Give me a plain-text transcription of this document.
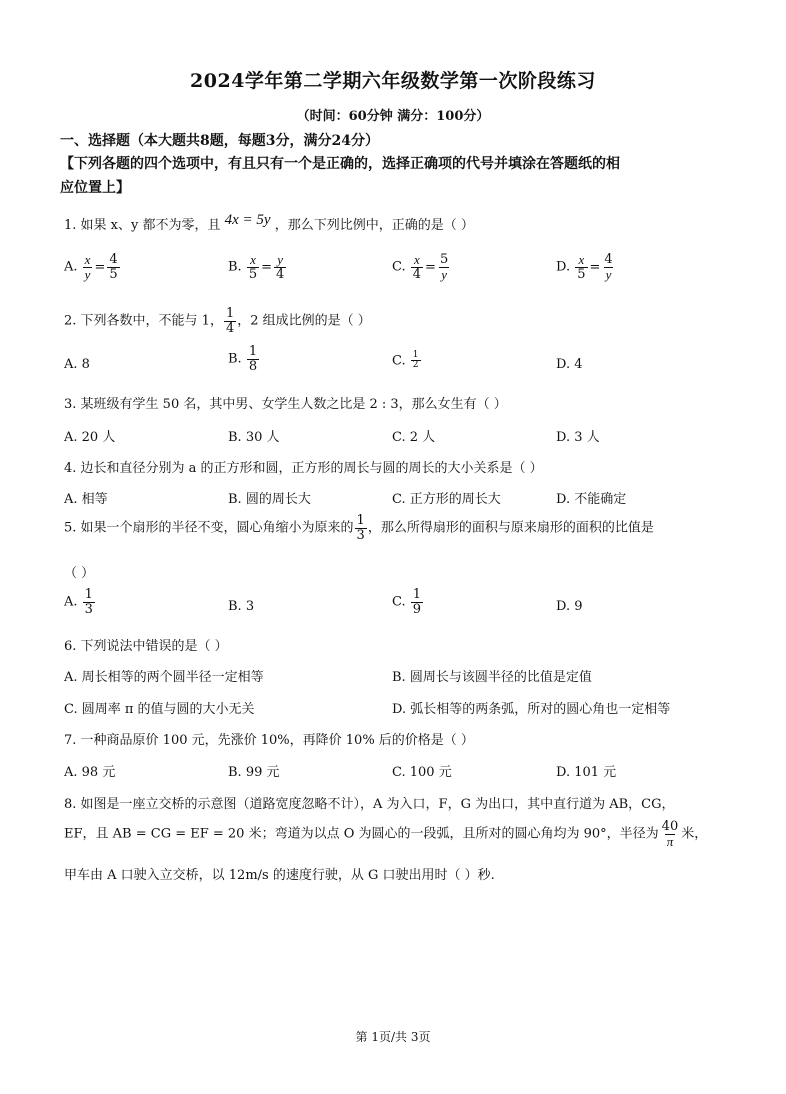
2024学年第二学期六年级数学第一次阶段练习
（时间：60分钟 满分：100分）
一、选择题（本大题共8题，每题3分，满分24分）
【下列各题的四个选项中，有且只有一个是正确的，选择正确项的代号并填涂在答题纸的相
应位置上】
1. 如果 x、y 都不为零，且 4x = 5y ，那么下列比例中，正确的是（ ）
A. $\frac{x}{y} = \frac{4}{5}$	B. $\frac{x}{5} = \frac{y}{4}$	C. $\frac{x}{4} = \frac{5}{y}$	D. $\frac{x}{5} = \frac{4}{y}$
2. 下列各数中，不能与 1， $\frac{1}{4}$ ，2 组成比例的是（ ）
A. 8	B. $\frac{1}{8}$	C. $\frac{1}{2}$	D. 4
3. 某班级有学生 50 名，其中男、女学生人数之比是 2 : 3，那么女生有（ ）
A. 20 人	B. 30 人	C. 2 人	D. 3 人
4. 边长和直径分别为 a 的正方形和圆，正方形的周长与圆的周长的大小关系是（ ）
A. 相等	B. 圆的周长大	C. 正方形的周长大	D. 不能确定
5. 如果一个扇形的半径不变，圆心角缩小为原来的 $\frac{1}{3}$ ，那么所得扇形的面积与原来扇形的面积的比值是
（ ）
A. $\frac{1}{3}$	B. 3	C. $\frac{1}{9}$	D. 9
6. 下列说法中错误的是（ ）
A. 周长相等的两个圆半径一定相等	B. 圆周长与该圆半径的比值是定值
C. 圆周率 π 的值与圆的大小无关	D. 弧长相等的两条弧，所对的圆心角也一定相等
7. 一种商品原价 100 元，先涨价 10%，再降价 10% 后的价格是（ ）
A. 98 元	B. 99 元	C. 100 元	D. 101 元
8. 如图是一座立交桥的示意图（道路宽度忽略不计），A 为入口，F，G 为出口，其中直行道为 AB，CG，
EF，且 AB = CG = EF = 20 米；弯道为以点 O 为圆心的一段弧，且所对的圆心角均为 90°，半径为 $\frac{40}{\pi}$ 米，
甲车由 A 口驶入立交桥，以 12m/s 的速度行驶，从 G 口驶出用时（ ）秒.
第 1页/共 3页
